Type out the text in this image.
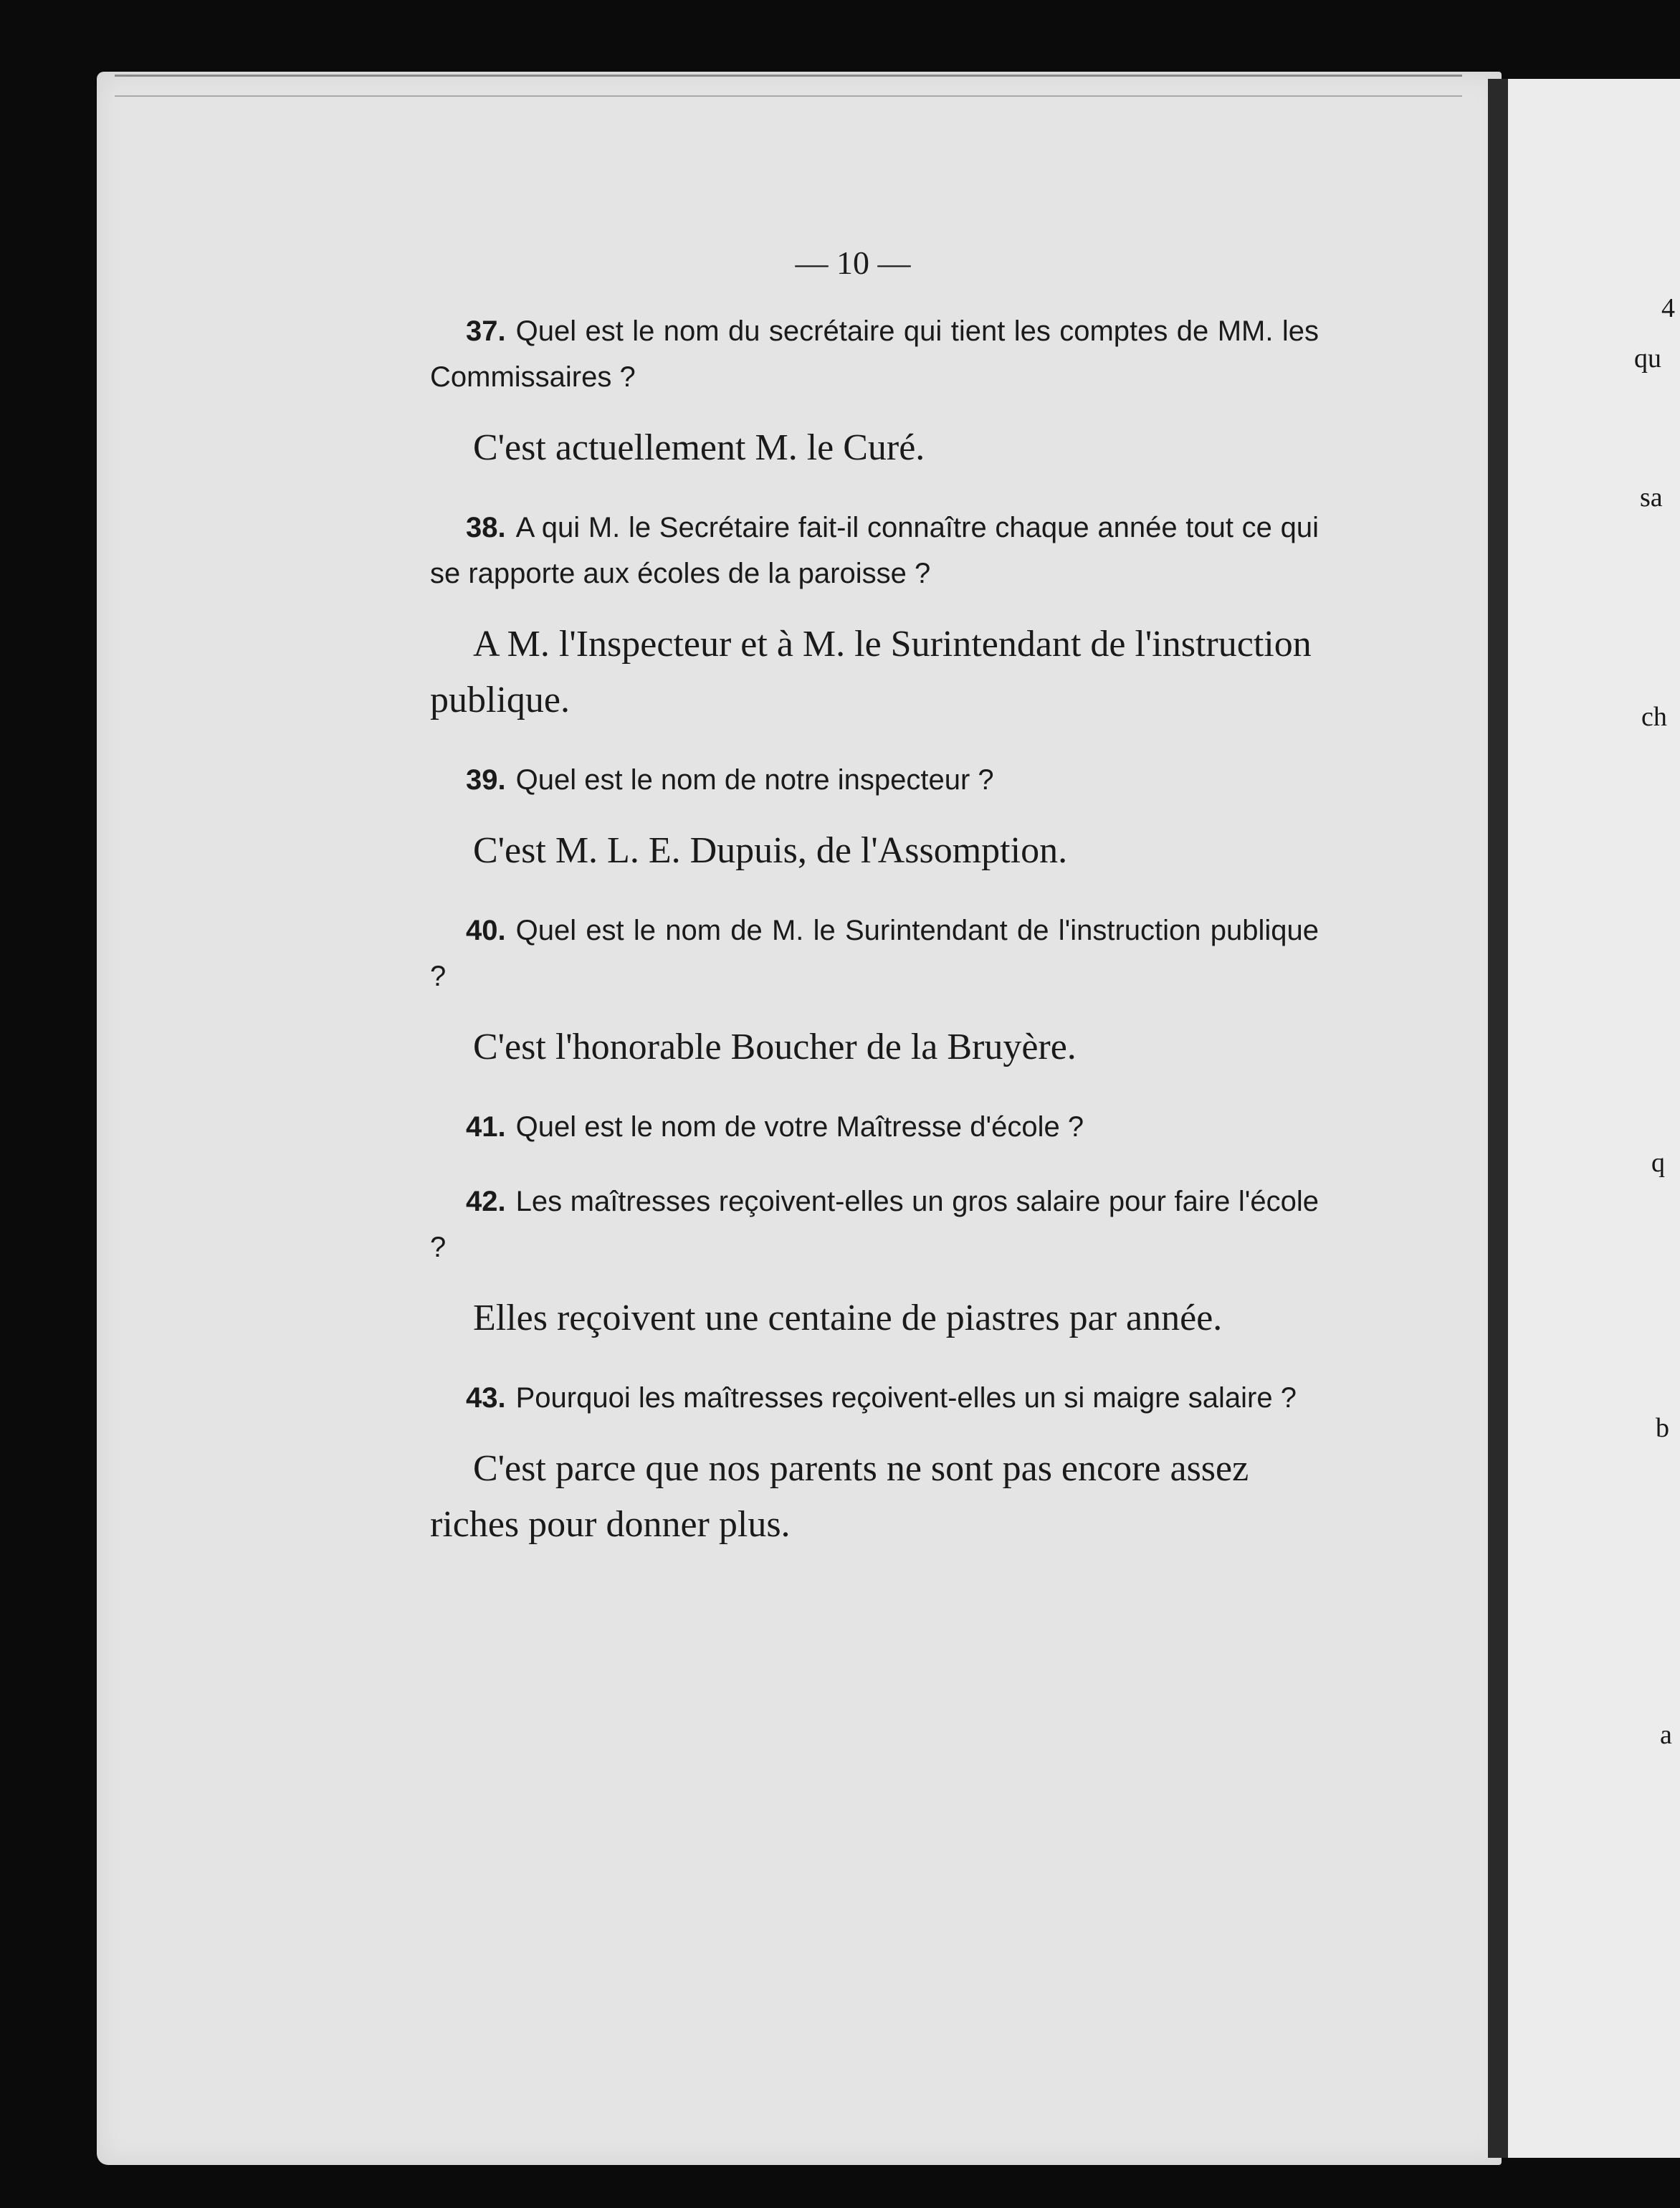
4
qu
sa
ch
q
b
a
— 10 —

37. Quel est le nom du secrétaire qui tient les comptes de MM. les Commissaires ?

C'est actuellement M. le Curé.

38. A qui M. le Secrétaire fait-il connaître chaque année tout ce qui se rapporte aux écoles de la paroisse ?

A M. l'Inspecteur et à M. le Surintendant de l'instruction publique.

39. Quel est le nom de notre inspecteur ?

C'est M. L. E. Dupuis, de l'Assomption.

40. Quel est le nom de M. le Surintendant de l'instruction publique ?

C'est l'honorable Boucher de la Bruyère.

41. Quel est le nom de votre Maîtresse d'école ?

42. Les maîtresses reçoivent-elles un gros salaire pour faire l'école ?

Elles reçoivent une centaine de piastres par année.

43. Pourquoi les maîtresses reçoivent-elles un si maigre salaire ?

C'est parce que nos parents ne sont pas encore assez riches pour donner plus.
